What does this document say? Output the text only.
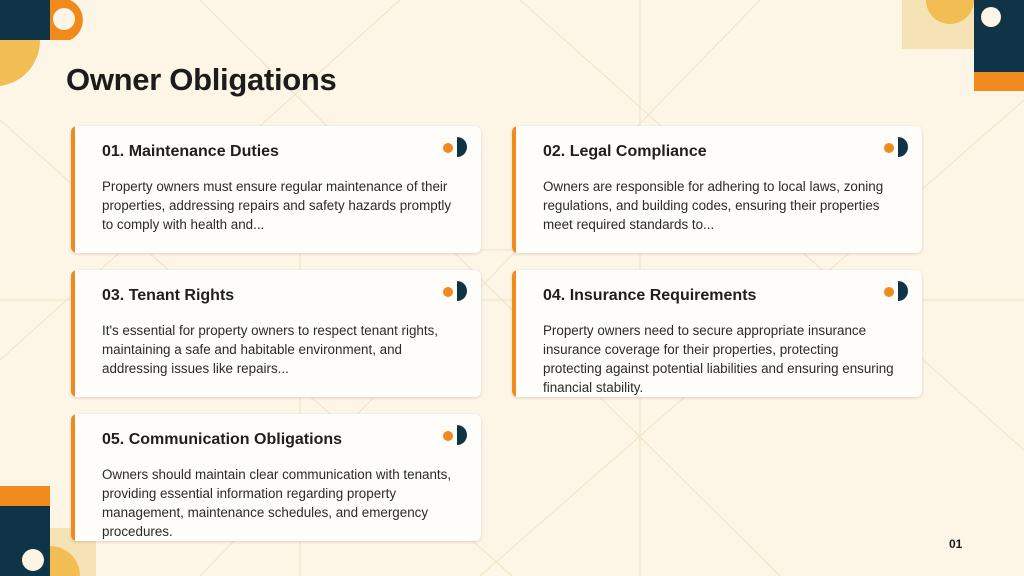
Owner Obligations
01. Maintenance Duties

Property owners must ensure regular maintenance of their properties, addressing repairs and safety hazards promptly to comply with health and...

02. Legal Compliance

Owners are responsible for adhering to local laws, zoning regulations, and building codes, ensuring their properties meet required standards to...

03. Tenant Rights

It's essential for property owners to respect tenant rights, maintaining a safe and habitable environment, and addressing issues like repairs...

04. Insurance Requirements

Property owners need to secure appropriate insurance insurance coverage for their properties, protecting protecting against potential liabilities and ensuring ensuring financial stability.

05. Communication Obligations

Owners should maintain clear communication with tenants, providing essential information regarding property management, maintenance schedules, and emergency procedures.

01
